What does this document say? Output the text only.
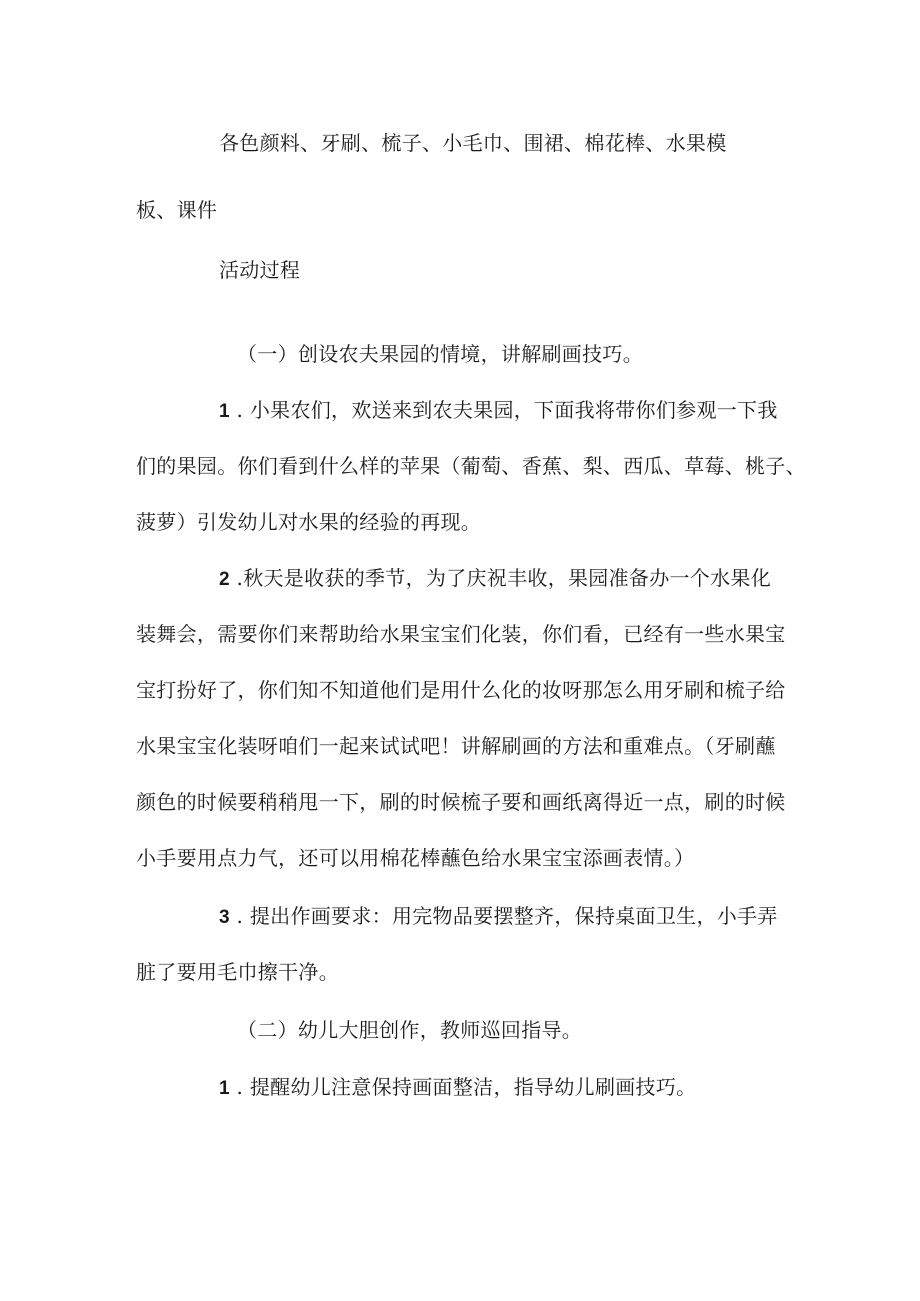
各色颜料、牙刷、梳子、小毛巾、围裙、棉花棒、水果模
板、课件
活动过程
（一）创设农夫果园的情境，讲解刷画技巧。
1 . 小果农们，欢送来到农夫果园，下面我将带你们参观一下我
们的果园。你们看到什么样的苹果（葡萄、香蕉、梨、西瓜、草莓、桃子、
菠萝）引发幼儿对水果的经验的再现。
2 .秋天是收获的季节，为了庆祝丰收，果园准备办一个水果化
装舞会，需要你们来帮助给水果宝宝们化装，你们看，已经有一些水果宝
宝打扮好了，你们知不知道他们是用什么化的妆呀那怎么用牙刷和梳子给
水果宝宝化装呀咱们一起来试试吧！讲解刷画的方法和重难点。（牙刷蘸
颜色的时候要稍稍甩一下，刷的时候梳子要和画纸离得近一点，刷的时候
小手要用点力气，还可以用棉花棒蘸色给水果宝宝添画表情。）
3 . 提出作画要求：用完物品要摆整齐，保持桌面卫生，小手弄
脏了要用毛巾擦干净。
（二）幼儿大胆创作，教师巡回指导。
1 . 提醒幼儿注意保持画面整洁，指导幼儿刷画技巧。
